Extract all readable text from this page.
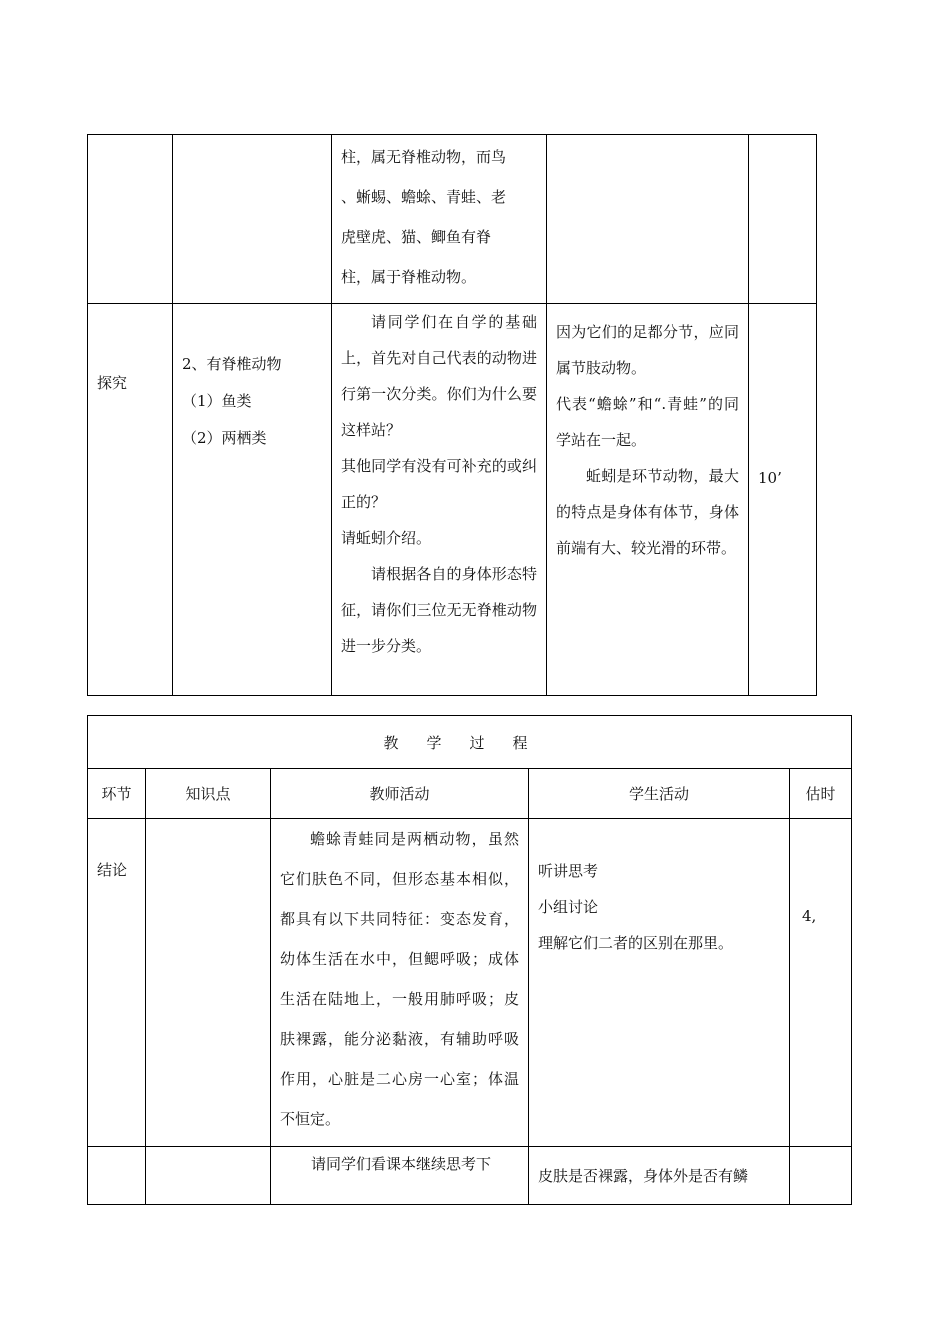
		柱，属无脊椎动物，而鸟
、蜥蜴、蟾蜍、青蛙、老
虎壁虎、猫、鲫鱼有脊
柱，属于脊椎动物。		

探究	2、有脊椎动物
（1）鱼类
（2）两栖类	请同学们在自学的基础上，首先对自己代表的动物进行第一次分类。你们为什么要这样站？
其他同学有没有可补充的或纠正的？
请蚯蚓介绍。
请根据各自的身体形态特征，请你们三位无无脊椎动物进一步分类。	因为它们的足都分节，应同属节肢动物。
代表“蟾蜍”和“.青蛙”的同学站在一起。
蚯蚓是环节动物，最大的特点是身体有体节，身体前端有大、较光滑的环带。	10’
教学过程				
环节	知识点	教师活动	学生活动	估时

结论		蟾蜍青蛙同是两栖动物，虽然它们肤色不同，但形态基本相似，都具有以下共同特征：变态发育，幼体生活在水中，但鳃呼吸；成体生活在陆地上，一般用肺呼吸；皮肤裸露，能分泌黏液，有辅助呼吸作用，心脏是二心房一心室；体温不恒定。	听讲思考
小组讨论
理解它们二者的区别在那里。	4,

		请同学们看课本继续思考下	皮肤是否裸露，身体外是否有鳞	
